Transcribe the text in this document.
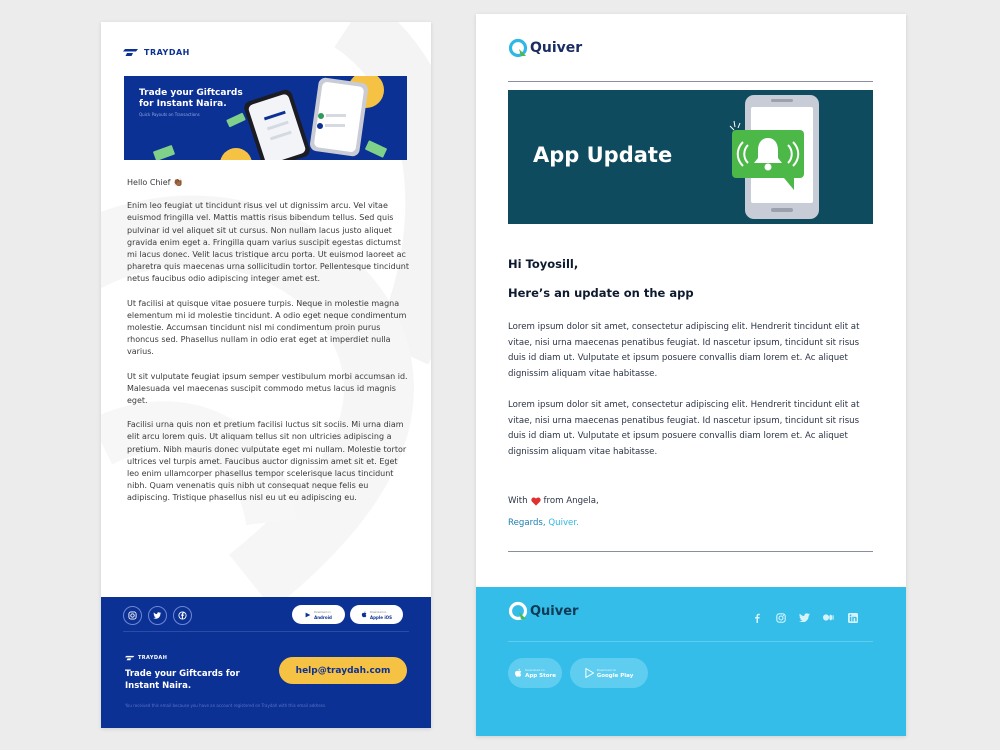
TRAYDAH
Trade your Giftcards for Instant Naira.
Quick Payouts on Transactions
Hello Chief 👏🏾

Enim leo feugiat ut tincidunt risus vel ut dignissim arcu. Vel vitae euismod fringilla vel. Mattis mattis risus bibendum tellus. Sed quis pulvinar id vel aliquet sit ut cursus. Non nullam lacus justo aliquet gravida enim eget a. Fringilla quam varius suscipit egestas dictumst mi lacus donec. Velit lacus tristique arcu porta. Ut euismod laoreet ac pharetra quis maecenas urna sollicitudin tortor. Pellentesque tincidunt netus faucibus odio adipiscing integer amet est.

Ut facilisi at quisque vitae posuere turpis. Neque in molestie magna elementum mi id molestie tincidunt. A odio eget neque condimentum molestie. Accumsan tincidunt nisl mi condimentum proin purus rhoncus sed. Phasellus nullam in odio erat eget at imperdiet nulla varius.

Ut sit vulputate feugiat ipsum semper vestibulum morbi accumsan id. Malesuada vel maecenas suscipit commodo metus lacus id magnis eget.

Facilisi urna quis non et pretium facilisi luctus sit sociis. Mi urna diam elit arcu lorem quis. Ut aliquam tellus sit non ultricies adipiscing a pretium. Nibh mauris donec vulputate eget mi nullam. Molestie tortor ultrices vel turpis amet. Faucibus auctor dignissim amet sit et. Eget leo enim ullamcorper phasellus tempor scelerisque lacus tincidunt nibh. Quam venenatis quis nibh ut consequat neque felis eu adipiscing. Tristique phasellus nisl eu ut eu adipiscing eu.

Download on
Android
Download on
Apple iOS
TRAYDAH
Trade your Giftcards for Instant Naira.
help@traydah.com
You received this email because you have an account registered on Traydah with this email address.
Quiver
App Update
Hi Toyosill,
Here’s an update on the app
Lorem ipsum dolor sit amet, consectetur adipiscing elit. Hendrerit tincidunt elit at vitae, nisi urna maecenas penatibus feugiat. Id nascetur ipsum, tincidunt sit risus duis id diam ut. Vulputate et ipsum posuere convallis diam lorem et. Ac aliquet dignissim aliquam vitae habitasse.
Lorem ipsum dolor sit amet, consectetur adipiscing elit. Hendrerit tincidunt elit at vitae, nisi urna maecenas penatibus feugiat. Id nascetur ipsum, tincidunt sit risus duis id diam ut. Vulputate et ipsum posuere convallis diam lorem et. Ac aliquet dignissim aliquam vitae habitasse.
With from Angela,
Regards, Quiver.
Quiver
Download on
App Store
Download on
Google Play
